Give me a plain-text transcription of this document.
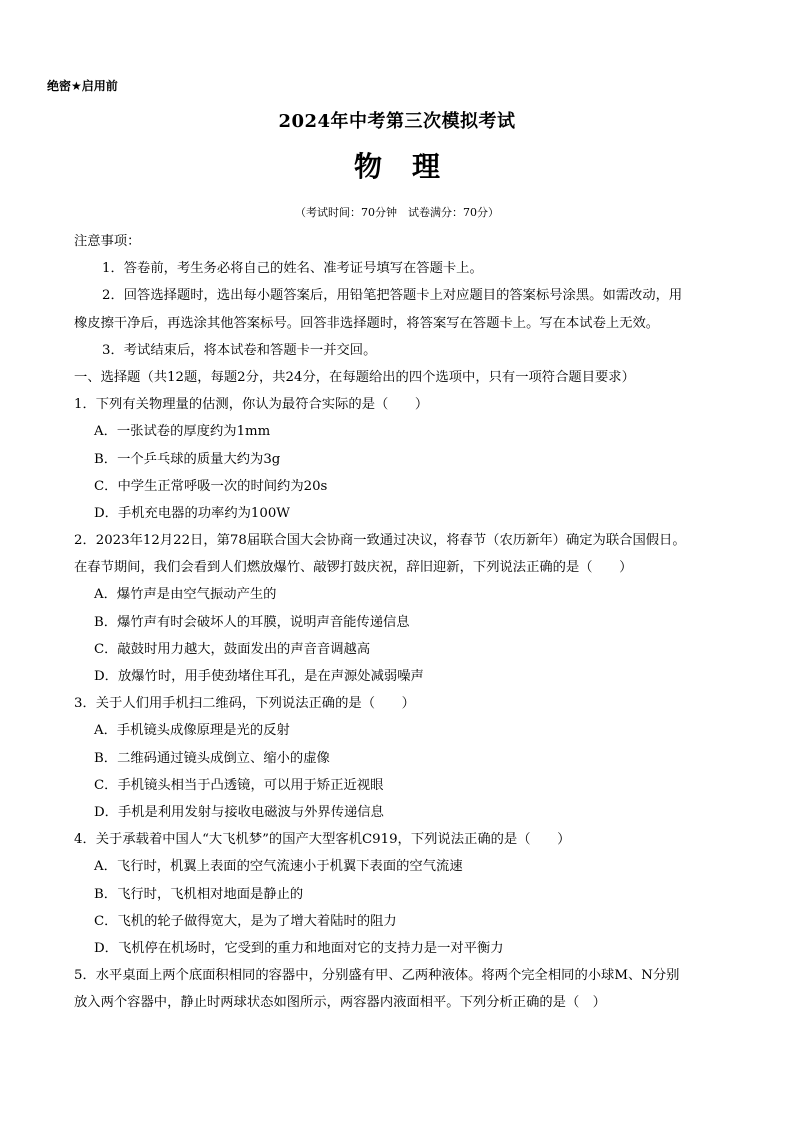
绝密★启用前
2024年中考第三次模拟考试
物理
（考试时间：70分钟　试卷满分：70分）
注意事项：
1．答卷前，考生务必将自己的姓名、准考证号填写在答题卡上。
2．回答选择题时，选出每小题答案后，用铅笔把答题卡上对应题目的答案标号涂黑。如需改动，用
橡皮擦干净后，再选涂其他答案标号。回答非选择题时，将答案写在答题卡上。写在本试卷上无效。
3．考试结束后，将本试卷和答题卡一并交回。
一、选择题（共12题，每题2分，共24分，在每题给出的四个选项中，只有一项符合题目要求）
1．下列有关物理量的估测，你认为最符合实际的是（　　）
A．一张试卷的厚度约为1mm
B．一个乒乓球的质量大约为3g
C．中学生正常呼吸一次的时间约为20s
D．手机充电器的功率约为100W
2．2023年12月22日，第78届联合国大会协商一致通过决议，将春节（农历新年）确定为联合国假日。
在春节期间，我们会看到人们燃放爆竹、敲锣打鼓庆祝，辞旧迎新，下列说法正确的是（　　）
A．爆竹声是由空气振动产生的
B．爆竹声有时会破坏人的耳膜，说明声音能传递信息
C．敲鼓时用力越大，鼓面发出的声音音调越高
D．放爆竹时，用手使劲堵住耳孔，是在声源处减弱噪声
3．关于人们用手机扫二维码，下列说法正确的是（　　）
A．手机镜头成像原理是光的反射
B．二维码通过镜头成倒立、缩小的虚像
C．手机镜头相当于凸透镜，可以用于矫正近视眼
D．手机是利用发射与接收电磁波与外界传递信息
4．关于承载着中国人“大飞机梦”的国产大型客机C919，下列说法正确的是（　　）
A．飞行时，机翼上表面的空气流速小于机翼下表面的空气流速
B．飞行时，飞机相对地面是静止的
C．飞机的轮子做得宽大，是为了增大着陆时的阻力
D．飞机停在机场时，它受到的重力和地面对它的支持力是一对平衡力
5．水平桌面上两个底面积相同的容器中，分别盛有甲、乙两种液体。将两个完全相同的小球M、N分别
放入两个容器中，静止时两球状态如图所示，两容器内液面相平。下列分析正确的是（　）
